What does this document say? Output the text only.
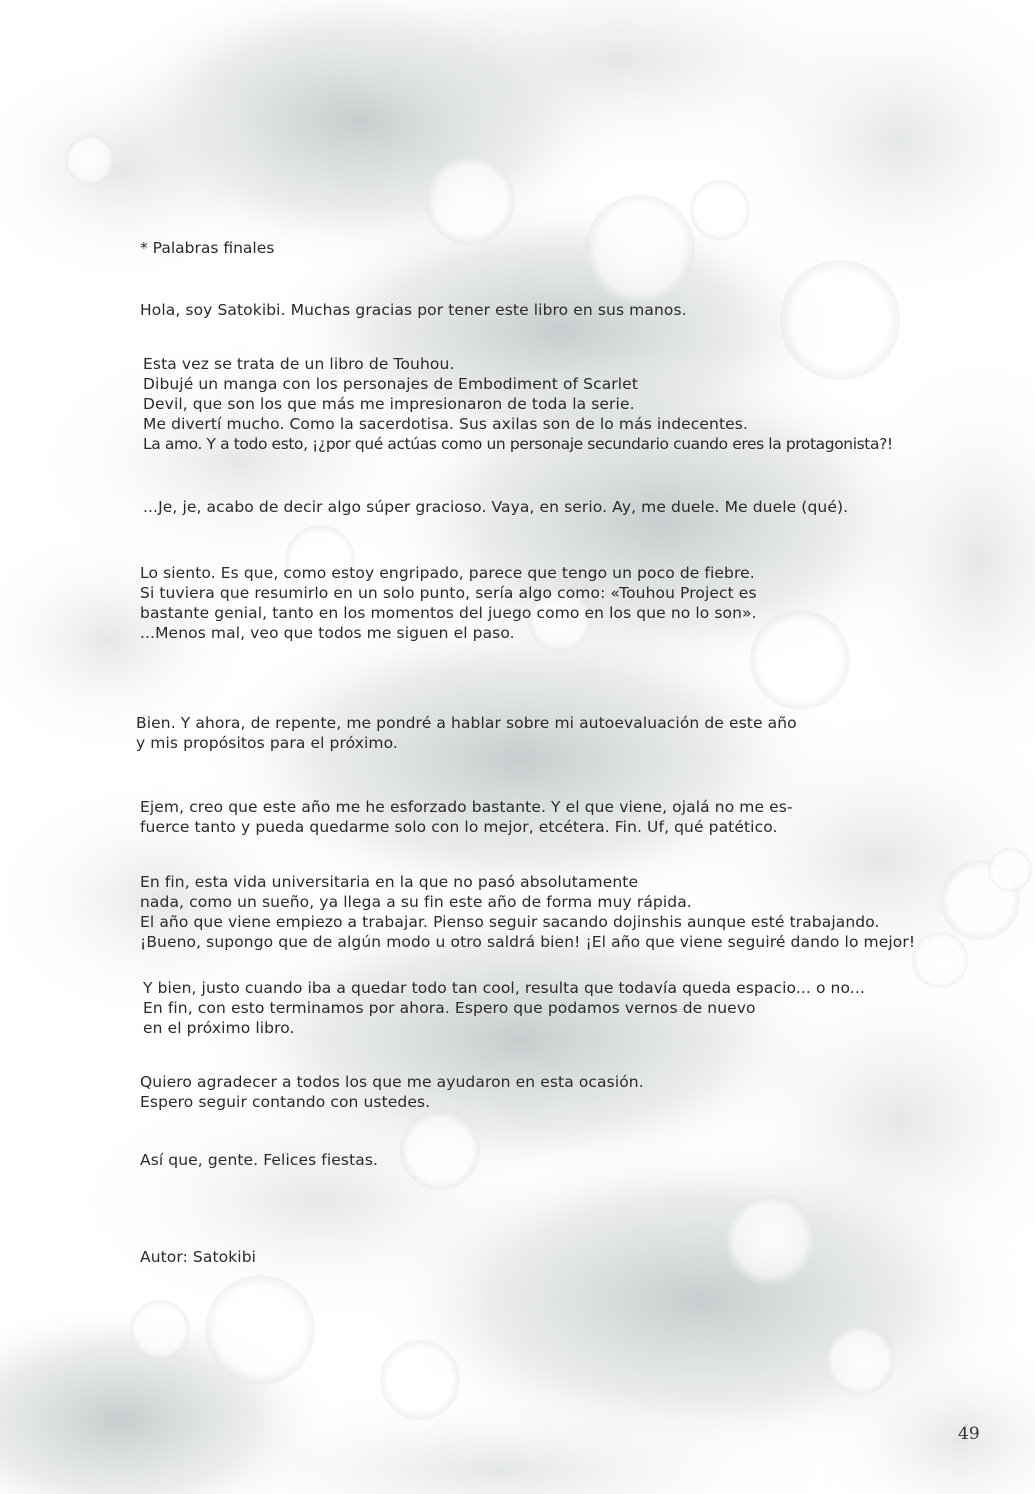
* Palabras finales
Hola, soy Satokibi. Muchas gracias por tener este libro en sus manos.
Esta vez se trata de un libro de Touhou.
Dibujé un manga con los personajes de Embodiment of Scarlet
Devil, que son los que más me impresionaron de toda la serie.
Me divertí mucho. Como la sacerdotisa. Sus axilas son de lo más indecentes.
La amo. Y a todo esto, ¡¿por qué actúas como un personaje secundario cuando eres la protagonista?!
...Je, je, acabo de decir algo súper gracioso. Vaya, en serio. Ay, me duele. Me duele (qué).
Lo siento. Es que, como estoy engripado, parece que tengo un poco de fiebre.
Si tuviera que resumirlo en un solo punto, sería algo como: «Touhou Project es
bastante genial, tanto en los momentos del juego como en los que no lo son».
...Menos mal, veo que todos me siguen el paso.
Bien. Y ahora, de repente, me pondré a hablar sobre mi autoevaluación de este año
y mis propósitos para el próximo.
Ejem, creo que este año me he esforzado bastante. Y el que viene, ojalá no me es-
fuerce tanto y pueda quedarme solo con lo mejor, etcétera. Fin. Uf, qué patético.
En fin, esta vida universitaria en la que no pasó absolutamente
nada, como un sueño, ya llega a su fin este año de forma muy rápida.
El año que viene empiezo a trabajar. Pienso seguir sacando dojinshis aunque esté trabajando.
¡Bueno, supongo que de algún modo u otro saldrá bien! ¡El año que viene seguiré dando lo mejor!
Y bien, justo cuando iba a quedar todo tan cool, resulta que todavía queda espacio... o no...
En fin, con esto terminamos por ahora. Espero que podamos vernos de nuevo
en el próximo libro.
Quiero agradecer a todos los que me ayudaron en esta ocasión.
Espero seguir contando con ustedes.
Así que, gente. Felices fiestas.
Autor: Satokibi
49
